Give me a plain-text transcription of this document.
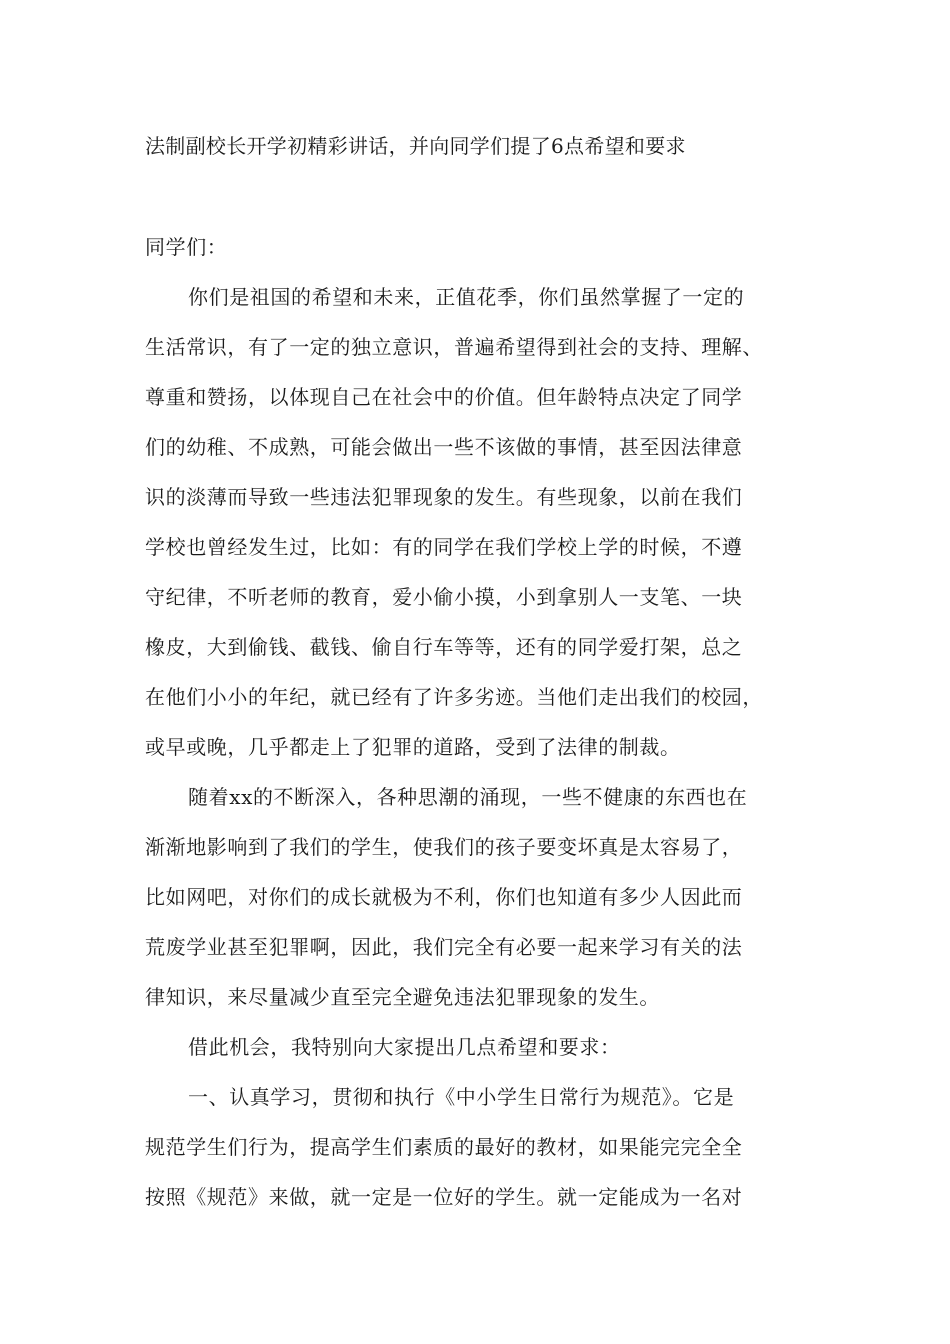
法制副校长开学初精彩讲话，并向同学们提了6点希望和要求
同学们：
你们是祖国的希望和未来，正值花季，你们虽然掌握了一定的
生活常识，有了一定的独立意识，普遍希望得到社会的支持、理解、
尊重和赞扬，以体现自己在社会中的价值。但年龄特点决定了同学
们的幼稚、不成熟，可能会做出一些不该做的事情，甚至因法律意
识的淡薄而导致一些违法犯罪现象的发生。有些现象，以前在我们
学校也曾经发生过，比如：有的同学在我们学校上学的时候，不遵
守纪律，不听老师的教育，爱小偷小摸，小到拿别人一支笔、一块
橡皮，大到偷钱、截钱、偷自行车等等，还有的同学爱打架，总之
在他们小小的年纪，就已经有了许多劣迹。当他们走出我们的校园，
或早或晚，几乎都走上了犯罪的道路，受到了法律的制裁。
随着xx的不断深入，各种思潮的涌现，一些不健康的东西也在
渐渐地影响到了我们的学生，使我们的孩子要变坏真是太容易了，
比如网吧，对你们的成长就极为不利，你们也知道有多少人因此而
荒废学业甚至犯罪啊，因此，我们完全有必要一起来学习有关的法
律知识，来尽量减少直至完全避免违法犯罪现象的发生。
借此机会，我特别向大家提出几点希望和要求：
一、认真学习，贯彻和执行《中小学生日常行为规范》。它是
规范学生们行为，提高学生们素质的最好的教材，如果能完完全全
按照《规范》来做，就一定是一位好的学生。就一定能成为一名对
